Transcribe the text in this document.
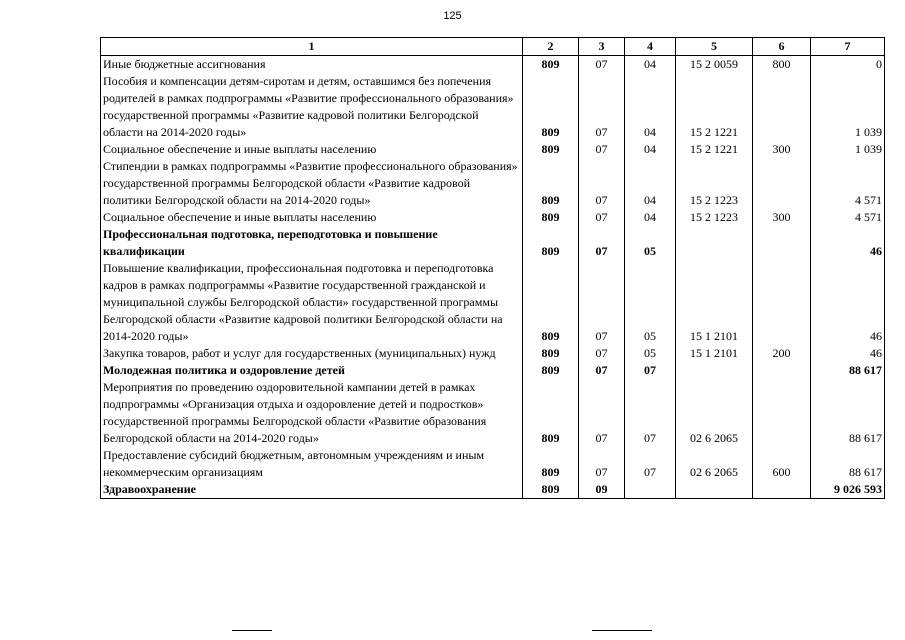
125
1	2	3	4	5	6	7
Иные бюджетные ассигнования	809	07	04	15 2 0059	800	0
Пособия и компенсации детям-сиротам и детям, оставшимся без попечения родителей в рамках подпрограммы «Развитие профессионального образования» государственной программы «Развитие кадровой политики Белгородской области на 2014-2020 годы»	809	07	04	15 2 1221		1 039
Социальное обеспечение и иные выплаты населению	809	07	04	15 2 1221	300	1 039
Стипендии в рамках подпрограммы «Развитие профессионального образования» государственной программы Белгородской области «Развитие кадровой политики Белгородской области на 2014-2020 годы»	809	07	04	15 2 1223		4 571
Социальное обеспечение и иные выплаты населению	809	07	04	15 2 1223	300	4 571
Профессиональная подготовка, переподготовка и повышение квалификации	809	07	05			46
Повышение квалификации, профессиональная подготовка и переподготовка кадров в рамках подпрограммы «Развитие государственной гражданской и муниципальной службы Белгородской области» государственной программы Белгородской области «Развитие кадровой политики Белгородской области на 2014-2020 годы»	809	07	05	15 1 2101		46
Закупка товаров, работ и услуг для государственных (муниципальных) нужд	809	07	05	15 1 2101	200	46
Молодежная политика и оздоровление детей	809	07	07			88 617
Мероприятия по проведению оздоровительной кампании детей в рамках подпрограммы «Организация отдыха и оздоровление детей и подростков» государственной программы Белгородской области «Развитие образования Белгородской области на 2014-2020 годы»	809	07	07	02 6 2065		88 617
Предоставление субсидий бюджетным, автономным учреждениям и иным некоммерческим организациям	809	07	07	02 6 2065	600	88 617
Здравоохранение	809	09				9 026 593
